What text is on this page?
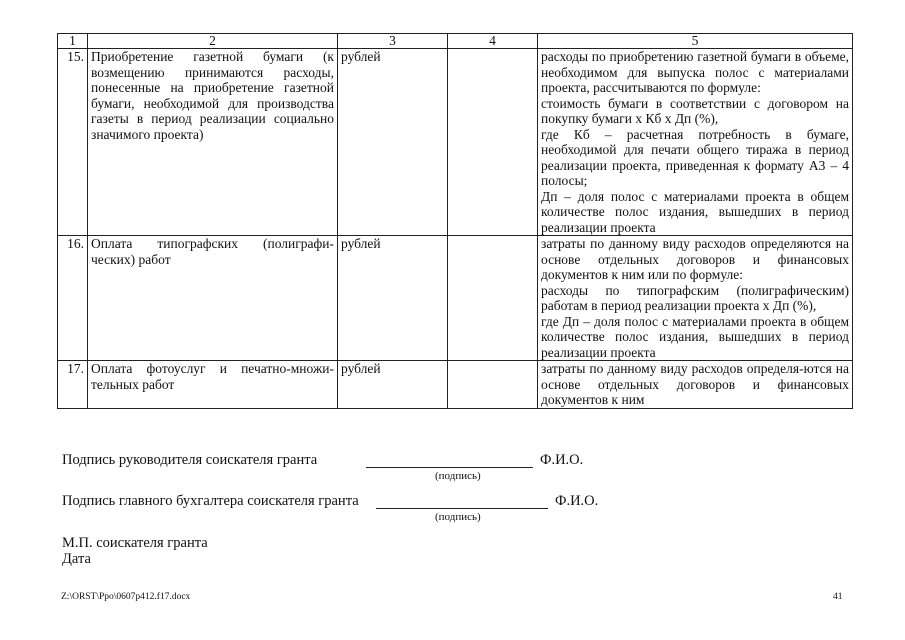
1	2	3	4	5
15.	Приобретение газетной бумаги (к возмещению принимаются расходы, понесенные на приобретение газетной бумаги, необходимой для производства газеты в период реализации социально значимого проекта)	рублей		расходы по приобретению газетной бумаги в объеме, необходимом для выпуска полос с материалами проекта, рассчитываются по формуле:
стоимость бумаги в соответствии с договором на покупку бумаги x Кб x Дп (%),
где Кб – расчетная потребность в бумаге, необходимой для печати общего тиража в период реализации проекта, приведенная к формату А3 – 4 полосы;
Дп – доля полос с материалами проекта в общем количестве полос издания, вышедших в период реализации проекта

16.	Оплата типографских (полиграфи-ческих) работ	рублей		затраты по данному виду расходов определяются на основе отдельных договоров и финансовых документов к ним или по формуле:
расходы по типографским (полиграфическим) работам в период реализации проекта x Дп (%),
где Дп – доля полос с материалами проекта в общем количестве полос издания, вышедших в период реализации проекта

17.	Оплата фотоуслуг и печатно-множи-тельных работ	рублей		затраты по данному виду расходов определя-ются на основе отдельных договоров и финансовых документов к ним
Подпись руководителя соискателя гранта	Ф.И.О.
(подпись)
Подпись главного бухгалтера соискателя гранта	Ф.И.О.
(подпись)
М.П. соискателя гранта
Дата
Z:\ORST\Ppo\0607p412.f17.docx	41
